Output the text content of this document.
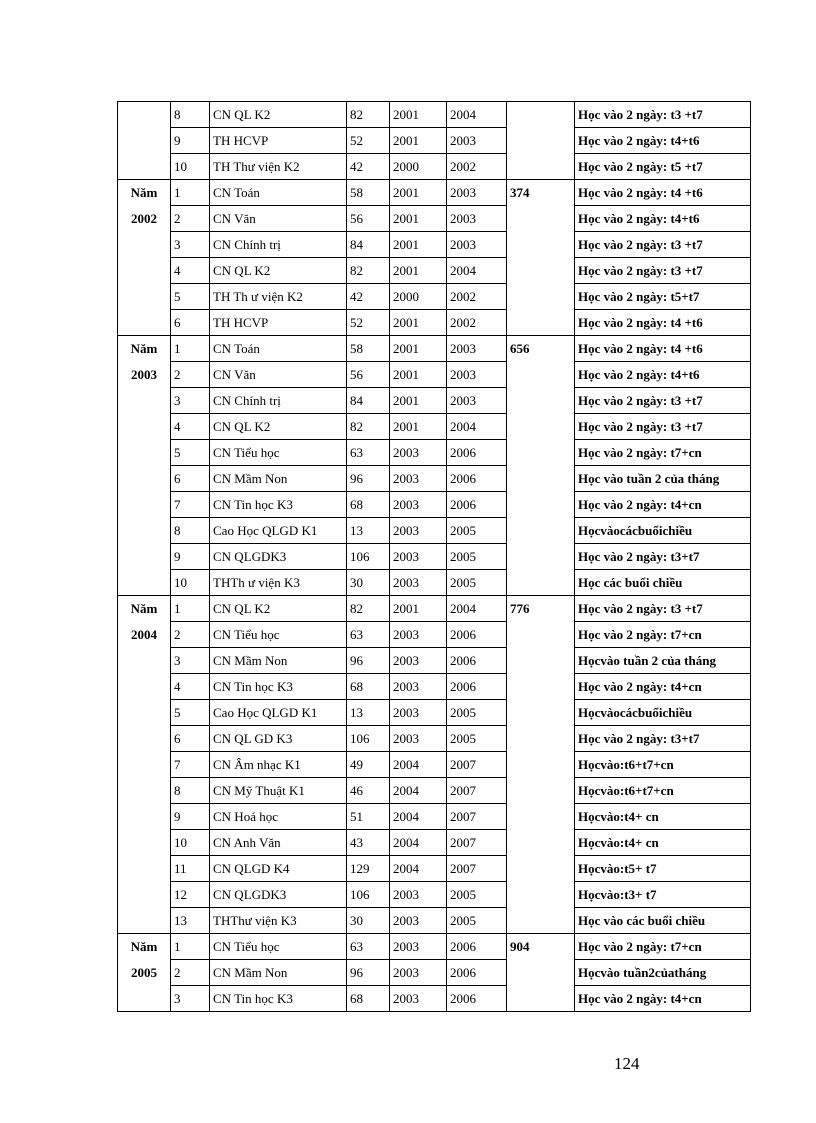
	8	CN QL K2	82	2001	2004		Học vào 2 ngày: t3 +t7
	9	TH HCVP	52	2001	2003		Học vào 2 ngày: t4+t6
	10	TH Thư viện K2	42	2000	2002		Học vào 2 ngày: t5 +t7

Năm
2002	1	CN Toán	58	2001	2003	374	Học vào 2 ngày: t4 +t6
	2	CN Văn	56	2001	2003		Học vào 2 ngày: t4+t6
	3	CN Chính trị	84	2001	2003		Học vào 2 ngày: t3 +t7
	4	CN QL K2	82	2001	2004		Học vào 2 ngày: t3 +t7
	5	TH Th ư viện K2	42	2000	2002		Học vào 2 ngày: t5+t7
	6	TH HCVP	52	2001	2002		Học vào 2 ngày: t4 +t6

Năm
2003	1	CN Toán	58	2001	2003	656	Học vào 2 ngày: t4 +t6
	2	CN Văn	56	2001	2003		Học vào 2 ngày: t4+t6
	3	CN Chính trị	84	2001	2003		Học vào 2 ngày: t3 +t7
	4	CN QL K2	82	2001	2004		Học vào 2 ngày: t3 +t7
	5	CN Tiểu học	63	2003	2006		Học vào 2 ngày: t7+cn
	6	CN Mầm Non	96	2003	2006		Học vào tuần 2 của tháng
	7	CN Tin học K3	68	2003	2006		Học vào 2 ngày: t4+cn
	8	Cao Học QLGD K1	13	2003	2005		Họcvàocácbuổichiều
	9	CN QLGDK3	106	2003	2005		Học vào 2 ngày: t3+t7
	10	THTh ư viện K3	30	2003	2005		Học các buổi chiều

Năm
2004	1	CN QL K2	82	2001	2004	776	Học vào 2 ngày: t3 +t7
	2	CN Tiểu học	63	2003	2006		Học vào 2 ngày: t7+cn
	3	CN Mầm Non	96	2003	2006		Họcvào tuần 2 của tháng
	4	CN Tin học K3	68	2003	2006		Học vào 2 ngày: t4+cn
	5	Cao Học QLGD K1	13	2003	2005		Họcvàocácbuổichiều
	6	CN QL GD K3	106	2003	2005		Học vào 2 ngày: t3+t7
	7	CN Âm nhạc K1	49	2004	2007		Họcvào:t6+t7+cn
	8	CN Mỹ Thuật K1	46	2004	2007		Họcvào:t6+t7+cn
	9	CN Hoá học	51	2004	2007		Họcvào:t4+ cn
	10	CN Anh Văn	43	2004	2007		Họcvào:t4+ cn
	11	CN QLGD K4	129	2004	2007		Họcvào:t5+ t7
	12	CN QLGDK3	106	2003	2005		Họcvào:t3+ t7
	13	THThư viện K3	30	2003	2005		Học vào các buổi chiều

Năm
2005	1	CN Tiểu học	63	2003	2006	904	Học vào 2 ngày: t7+cn
	2	CN Mầm Non	96	2003	2006		Họcvào tuần2củatháng
	3	CN Tin học K3	68	2003	2006		Học vào 2 ngày: t4+cn
124
